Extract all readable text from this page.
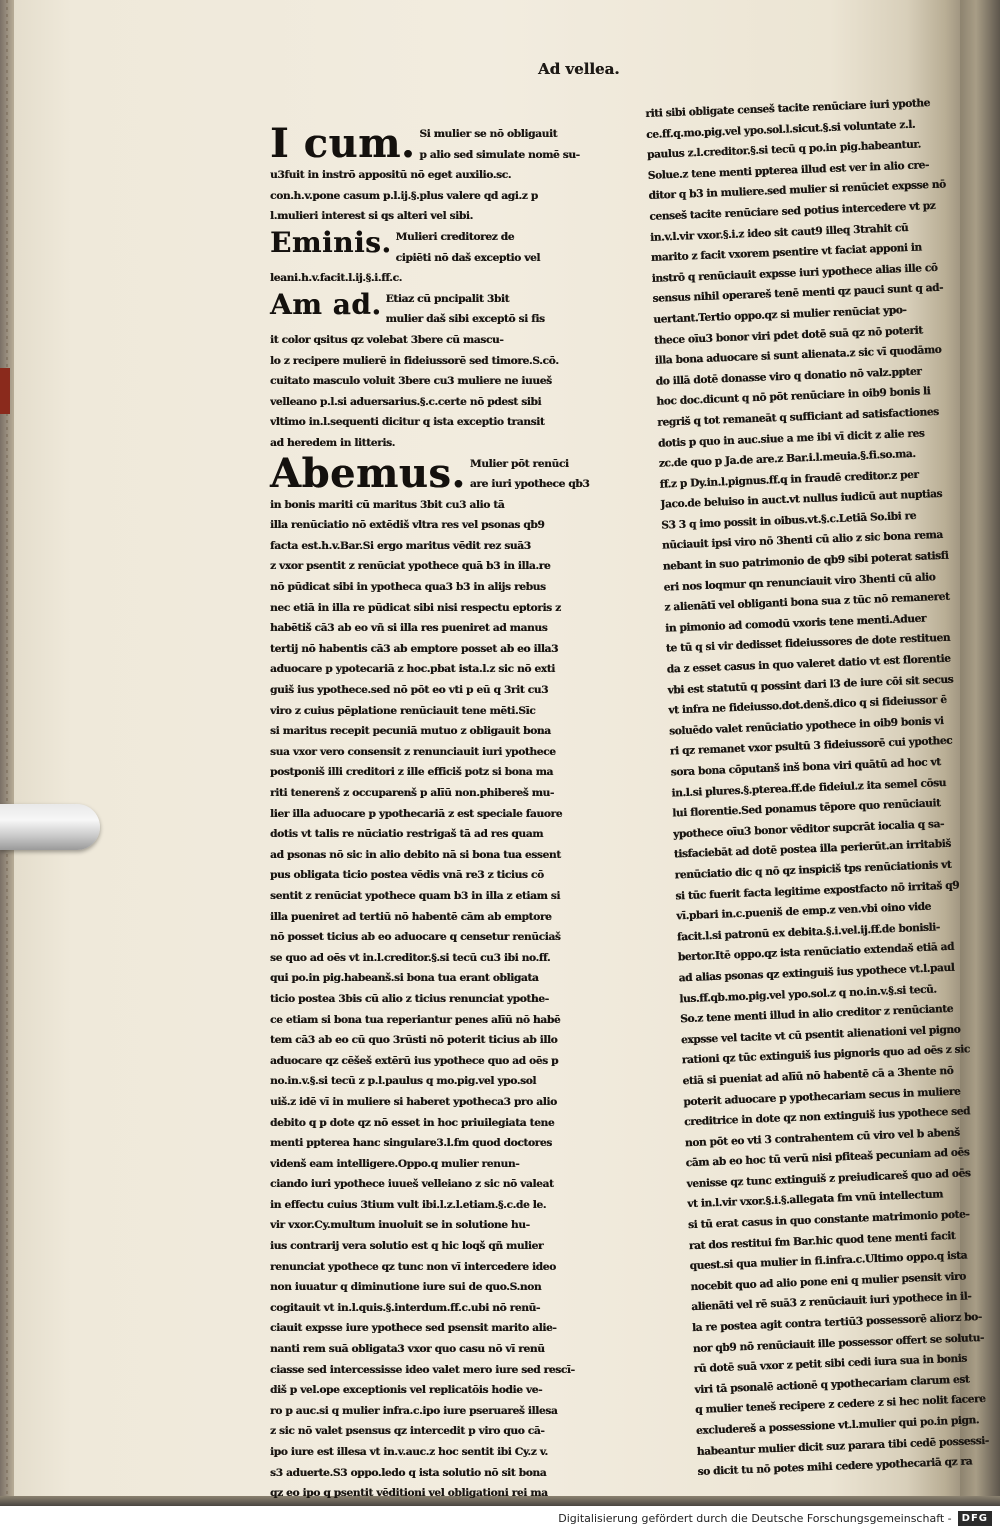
Ad vellea.
I cum. Si mulier se nō obligauit
p alio sed simulate nomē su-
u3fuit in instrō appositū nō eget auxilio.sc.
con.h.v.pone casum p.l.ij.§.plus valere qd agi.z p
l.mulieri interest si qs alteri vel sibi.
Eminis. Mulieri creditorez de
cipiēti nō daš exceptio vel
leani.h.v.facit.l.ij.§.i.ff.c.
Am ad. Etiaz cū pncipalit 3bit
mulier daš sibi exceptō si fis
it color qsitus qz volebat 3bere cū mascu-
lo z recipere mulierē in fideiussorē sed timore.S.cō.
cuitato masculo voluit 3bere cu3 muliere ne iuueš
velleano p.l.si aduersarius.§.c.certe nō pdest sibi
vltimo in.l.sequenti dicitur q ista exceptio transit
ad heredem in litteris.
Abemus. Mulier pōt renūci
are iuri ypothece qb3
in bonis mariti cū maritus 3bit cu3 alio tā
illa renūciatio nō extēdiš vltra res vel psonas qb9
facta est.h.v.Bar.Si ergo maritus vēdit rez suā3
z vxor psentit z renūciat ypothece quā b3 in illa.re
nō pūdicat sibi in ypotheca qua3 b3 in alijs rebus
nec etiā in illa re pūdicat sibi nisi respectu eptoris z
habētiš cā3 ab eo vñ si illa res pueniret ad manus
tertij nō habentis cā3 ab emptore posset ab eo illa3
aduocare p ypotecariā z hoc.pbat ista.l.z sic nō exti
guiš ius ypothece.sed nō pōt eo vti p eū q 3rit cu3
viro z cuius pēplatione renūciauit tene mēti.Sīc
si maritus recepit pecuniā mutuo z obligauit bona
sua vxor vero consensit z renunciauit iuri ypothece
postponiš illi creditori z ille efficiš potz si bona ma
riti tenerenš z occuparenš p alīū non.phibereš mu-
lier illa aduocare p ypothecariā z est speciale fauore
dotis vt talis re nūciatio restrigaš tā ad res quam
ad psonas nō sic in alio debito nā si bona tua essent
pus obligata ticio postea vēdis vnā re3 z ticius cō
sentit z renūciat ypothece quam b3 in illa z etiam si
illa pueniret ad tertiū nō habentē cām ab emptore
nō posset ticius ab eo aduocare q censetur renūciaš
se quo ad oēs vt in.l.creditor.§.si tecū cu3 ibi no.ff.
qui po.in pig.habeanš.si bona tua erant obligata
ticio postea 3bis cū alio z ticius renunciat ypothe-
ce etiam si bona tua reperiantur penes alīū nō habē
tem cā3 ab eo cū quo 3rūsti nō poterit ticius ab illo
aduocare qz cēšeš extērū ius ypothece quo ad oēs p
no.in.v.§.si tecū z p.l.paulus q mo.pig.vel ypo.sol
uiš.z idē vī in muliere si haberet ypotheca3 pro alio
debito q p dote qz nō esset in hoc priuilegiata tene
menti ppterea hanc singulare3.l.fm quod doctores
videnš eam intelligere.Oppo.q mulier renun-
ciando iuri ypothece iuueš velleiano z sic nō valeat
in effectu cuius 3tium vult ibi.l.z.l.etiam.§.c.de le.
vir vxor.Cy.multum inuoluit se in solutione hu-
ius contrarij vera solutio est q hic loqš qñ mulier
renunciat ypothece qz tunc non vī intercedere ideo
non iuuatur q diminutione iure sui de quo.S.non
cogitauit vt in.l.quis.§.interdum.ff.c.ubi nō renū-
ciauit expsse iure ypothece sed psensit marito alie-
nanti rem suā obligata3 vxor quo casu nō vī renū
ciasse sed intercessisse ideo valet mero iure sed rescī-
diš p vel.ope exceptionis vel replicatōis hodie ve-
ro p auc.si q mulier infra.c.ipo iure pseruareš illesa
z sic nō valet psensus qz intercedit p viro quo cā-
ipo iure est illesa vt in.v.auc.z hoc sentit ibi Cy.z v.
s3 aduerte.S3 oppo.ledo q ista solutio nō sit bona
qz eo ipo q psentit vēditioni vel obligationi rei ma
riti sibi obligate censeš tacite renūciare iuri ypothe
ce.ff.q.mo.pig.vel ypo.sol.l.sicut.§.si voluntate z.l.
paulus z.l.creditor.§.si tecū q po.in pig.habeantur.
Solue.z tene menti ppterea illud est ver in alio cre-
ditor q b3 in muliere.sed mulier si renūciet expsse nō
censeš tacite renūciare sed potius intercedere vt pz
in.v.l.vir vxor.§.i.z ideo sit caut9 illeq 3trahit cū
marito z facit vxorem psentire vt faciat apponi in
instrō q renūciauit expsse iuri ypothece alias ille cō
sensus nihil operareš tenē menti qz pauci sunt q ad-
uertant.Tertio oppo.qz si mulier renūciat ypo-
thece oīu3 bonor viri pdet dotē suā qz nō poterit
illa bona aduocare si sunt alienata.z sic vī quodāmo
do illā dotē donasse viro q donatio nō valz.ppter
hoc doc.dicunt q nō pōt renūciare in oib9 bonis li
regriš q tot remaneāt q sufficiant ad satisfactiones
dotis p quo in auc.siue a me ibi vī dicit z alie res
zc.de quo p Ja.de are.z Bar.i.l.meuia.§.fi.so.ma.
ff.z p Dy.in.l.pignus.ff.q in fraudē creditor.z per
Jaco.de beluiso in auct.vt nullus iudicū aut nuptias
S3 3 q imo possit in oibus.vt.§.c.Letiā So.ibi re
nūciauit ipsi viro nō 3henti cū alio z sic bona rema
nebant in suo patrimonio de qb9 sibi poterat satisfi
eri nos loqmur qn renunciauit viro 3henti cū alio
z alienātī vel obliganti bona sua z tūc nō remaneret
in pimonio ad comodū vxoris tene menti.Aduer
te tū q si vir dedisset fideiussores de dote restituen
da z esset casus in quo valeret datio vt est florentie
vbi est statutū q possint dari l3 de iure cōi sit secus
vt infra ne fideiusso.dot.denš.dico q si fideiussor ē
soluēdo valet renūciatio ypothece in oib9 bonis vi
ri qz remanet vxor psultū 3 fideiussorē cui ypothec
sora bona cōputanš inš bona viri quātū ad hoc vt
in.l.si plures.§.pterea.ff.de fideiul.z ita semel cōsu
lui florentie.Sed ponamus tēpore quo renūciauit
ypothece oīu3 bonor vēditor supcrāt iocalia q sa-
tisfaciebāt ad dotē postea illa perierūt.an irritabiš
renūciatio dic q nō qz inspiciš tps renūciationis vt
si tūc fuerit facta legitime expostfacto nō irritaš q9
vī.pbari in.c.pueniš de emp.z ven.vbi oino vide
facit.l.si patronū ex debita.§.i.vel.ij.ff.de bonisli-
bertor.Itē oppo.qz ista renūciatio extendaš etiā ad
ad alias psonas qz extinguiš ius ypothece vt.l.paul
lus.ff.qb.mo.pig.vel ypo.sol.z q no.in.v.§.si tecū.
So.z tene menti illud in alio creditor z renūciante
expsse vel tacite vt cū psentit alienationi vel pigno
rationi qz tūc extinguiš ius pignoris quo ad oēs z sic
etiā si pueniat ad alīū nō habentē cā a 3hente nō
poterit aduocare p ypothecariam secus in muliere
creditrice in dote qz non extinguiš ius ypothece sed
non pōt eo vti 3 contrahentem cū viro vel b abenš
cām ab eo hoc tū verū nisi pfiteaš pecuniam ad oēs
venisse qz tunc extinguiš z preiudicareš quo ad oēs
vt in.l.vir vxor.§.i.§.allegata fm vnū intellectum
si tū erat casus in quo constante matrimonio pote-
rat dos restitui fm Bar.hic quod tene menti facit
quest.si qua mulier in fi.infra.c.Ultimo oppo.q ista
nocebit quo ad alio pone eni q mulier psensit viro
alienāti vel rē suā3 z renūciauit iuri ypothece in il-
la re postea agit contra tertiū3 possessorē aliorz bo-
nor qb9 nō renūciauit ille possessor offert se solutu-
rū dotē suā vxor z petit sibi cedi iura sua in bonis
viri tā psonalē actionē q ypothecariam clarum est
q mulier teneš recipere z cedere z si hec nolit facere
excludereš a possessione vt.l.mulier qui po.in pign.
habeantur mulier dicit suz parara tibi cedē possessi-
so dicit tu nō potes mihi cedere ypothecariā qz ra
Digitalisierung gefördert durch die Deutsche Forschungsgemeinschaft -	DFG
